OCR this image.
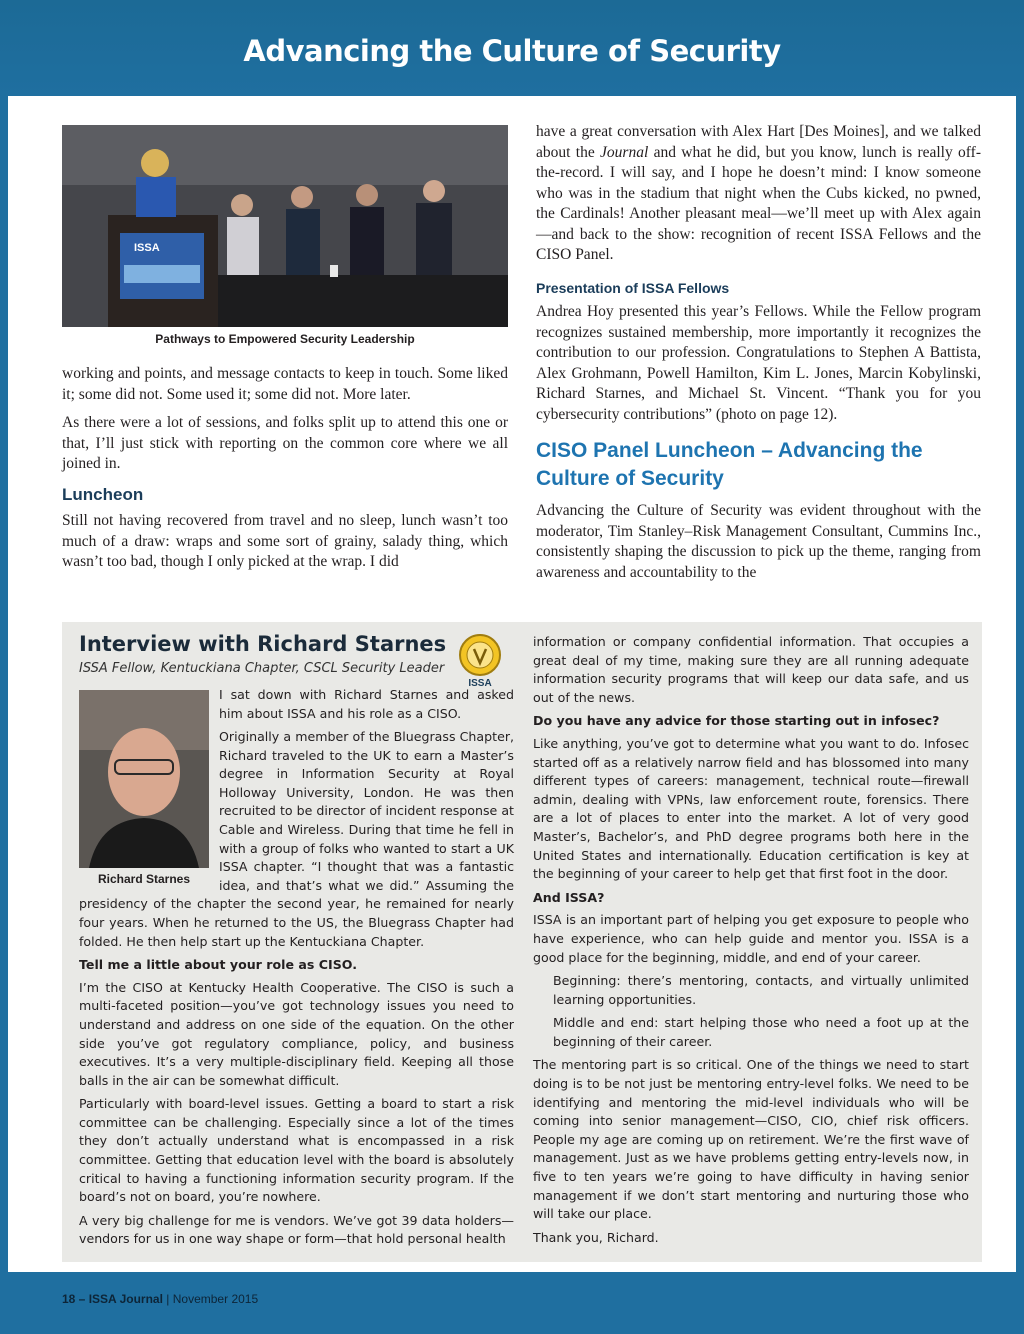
Advancing the Culture of Security
ISSA
Pathways to Empowered Security Leadership

working and points, and message contacts to keep in touch. Some liked it; some did not. Some used it; some did not. More later.

As there were a lot of sessions, and folks split up to attend this one or that, I’ll just stick with reporting on the common core where we all joined in.

Luncheon

Still not having recovered from travel and no sleep, lunch wasn’t too much of a draw: wraps and some sort of grainy, salady thing, which wasn’t too bad, though I only picked at the wrap. I did

have a great conversation with Alex Hart [Des Moines], and we talked about the Journal and what he did, but you know, lunch is really off-the-record. I will say, and I hope he doesn’t mind: I know someone who was in the stadium that night when the Cubs kicked, no pwned, the Cardinals! Another pleasant meal—we’ll meet up with Alex again—and back to the show: recognition of recent ISSA Fellows and the CISO Panel.

Presentation of ISSA Fellows

Andrea Hoy presented this year’s Fellows. While the Fellow program recognizes sustained membership, more importantly it recognizes the contribution to our profession. Congratulations to Stephen A Battista, Alex Grohmann, Powell Hamilton, Kim L. Jones, Marcin Kobylinski, Richard Starnes, and Michael St. Vincent. “Thank you for you cybersecurity contributions” (photo on page 12).

CISO Panel Luncheon – Advancing the Culture of Security

Advancing the Culture of Security was evident throughout with the moderator, Tim Stanley–Risk Management Consultant, Cummins Inc., consistently shaping the discussion to pick up the theme, ranging from awareness and accountability to the

Interview with Richard Starnes
ISSA Fellow, Kentuckiana Chapter, CSCL Security Leader
ISSA
Richard Starnes

I sat down with Richard Starnes and asked him about ISSA and his role as a CISO.

Originally a member of the Bluegrass Chapter, Richard traveled to the UK to earn a Master’s degree in Information Security at Royal Holloway University, London. He was then recruited to be director of incident response at Cable and Wireless. During that time he fell in with a group of folks who wanted to start a UK ISSA chapter. “I thought that was a fantastic idea, and that’s what we did.” Assuming the presidency of the chapter the second year, he remained for nearly four years. When he returned to the US, the Bluegrass Chapter had folded. He then help start up the Kentuckiana Chapter.

Tell me a little about your role as CISO.

I’m the CISO at Kentucky Health Cooperative. The CISO is such a multi-faceted position—you’ve got technology issues you need to understand and address on one side of the equation. On the other side you’ve got regulatory compliance, policy, and business executives. It’s a very multiple-disciplinary field. Keeping all those balls in the air can be somewhat difficult.

Particularly with board-level issues. Getting a board to start a risk committee can be challenging. Especially since a lot of the times they don’t actually understand what is encompassed in a risk committee. Getting that education level with the board is absolutely critical to having a functioning information security program. If the board’s not on board, you’re nowhere.

A very big challenge for me is vendors. We’ve got 39 data holders—vendors for us in one way shape or form—that hold personal health

information or company confidential information. That occupies a great deal of my time, making sure they are all running adequate information security programs that will keep our data safe, and us out of the news.

Do you have any advice for those starting out in infosec?

Like anything, you’ve got to determine what you want to do. Infosec started off as a relatively narrow field and has blossomed into many different types of careers: management, technical route—firewall admin, dealing with VPNs, law enforcement route, forensics. There are a lot of places to enter into the market. A lot of very good Master’s, Bachelor’s, and PhD degree programs both here in the United States and internationally. Education certification is key at the beginning of your career to help get that first foot in the door.

And ISSA?

ISSA is an important part of helping you get exposure to people who have experience, who can help guide and mentor you. ISSA is a good place for the beginning, middle, and end of your career.

Beginning: there’s mentoring, contacts, and virtually unlimited learning opportunities.

Middle and end: start helping those who need a foot up at the beginning of their career.

The mentoring part is so critical. One of the things we need to start doing is to be not just be mentoring entry-level folks. We need to be identifying and mentoring the mid-level individuals who will be coming into senior management—CISO, CIO, chief risk officers. People my age are coming up on retirement. We’re the first wave of management. Just as we have problems getting entry-levels now, in five to ten years we’re going to have difficulty in having senior management if we don’t start mentoring and nurturing those who will take our place.

Thank you, Richard.

18 – ISSA Journal | November 2015
